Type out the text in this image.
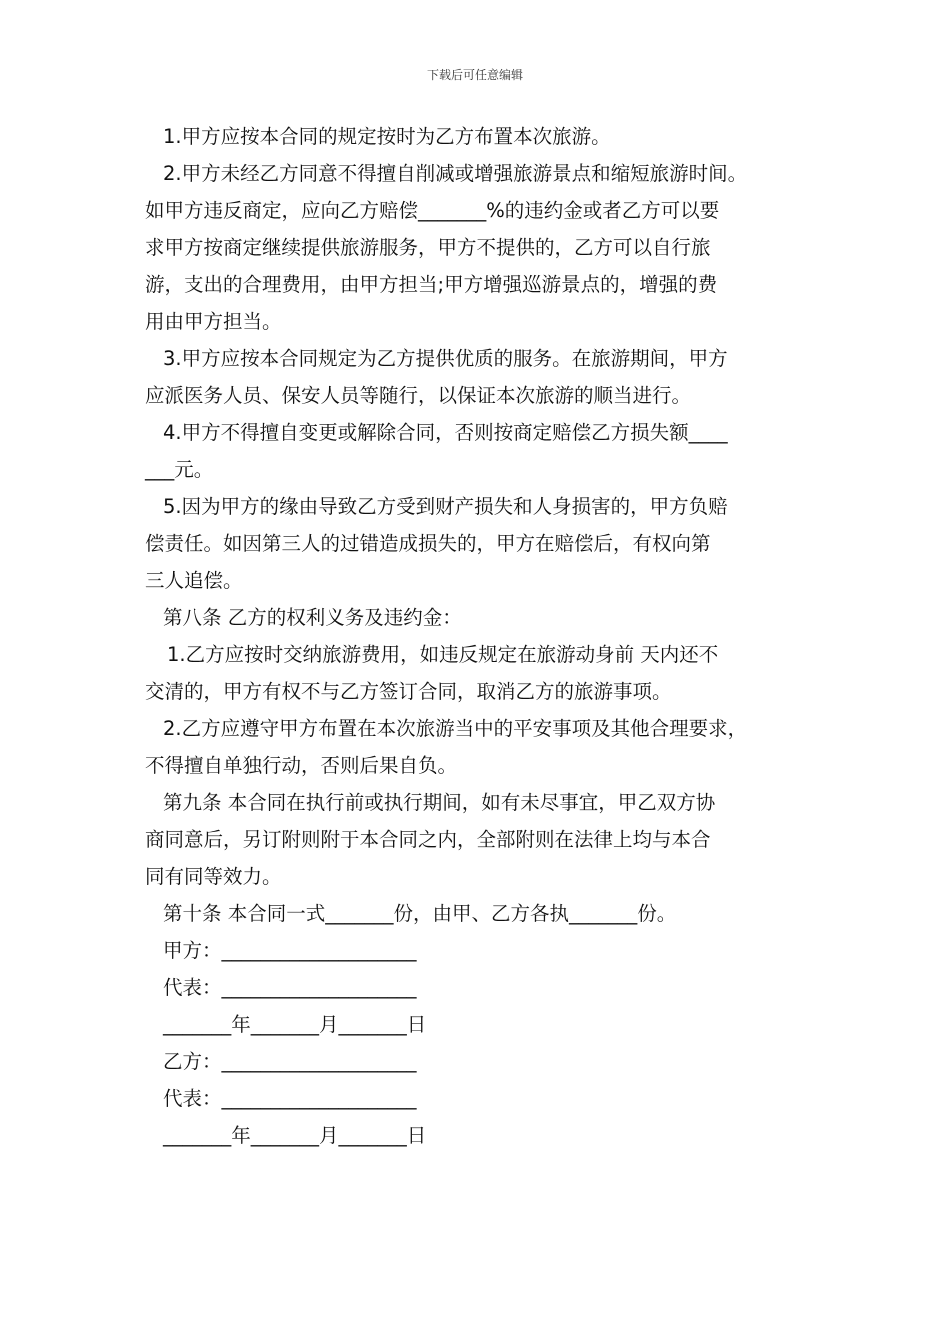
下载后可任意编辑

1.甲方应按本合同的规定按时为乙方布置本次旅游。

2.甲方未经乙方同意不得擅自削减或增强旅游景点和缩短旅游时间。

如甲方违反商定，应向乙方赔偿_______%的违约金或者乙方可以要

求甲方按商定继续提供旅游服务，甲方不提供的，乙方可以自行旅

游，支出的合理费用，由甲方担当;甲方增强巡游景点的，增强的费

用由甲方担当。

3.甲方应按本合同规定为乙方提供优质的服务。在旅游期间，甲方

应派医务人员、保安人员等随行，以保证本次旅游的顺当进行。

4.甲方不得擅自变更或解除合同，否则按商定赔偿乙方损失额____

___元。

5.因为甲方的缘由导致乙方受到财产损失和人身损害的，甲方负赔

偿责任。如因第三人的过错造成损失的，甲方在赔偿后，有权向第

三人追偿。

第八条 乙方的权利义务及违约金：

1.乙方应按时交纳旅游费用，如违反规定在旅游动身前 天内还不

交清的，甲方有权不与乙方签订合同，取消乙方的旅游事项。

2.乙方应遵守甲方布置在本次旅游当中的平安事项及其他合理要求，

不得擅自单独行动，否则后果自负。

第九条 本合同在执行前或执行期间，如有未尽事宜，甲乙双方协

商同意后，另订附则附于本合同之内，全部附则在法律上均与本合

同有同等效力。

第十条 本合同一式_______份，由甲、乙方各执_______份。

甲方：____________________

代表：____________________

_______年_______月_______日

乙方：____________________

代表：____________________

_______年_______月_______日
